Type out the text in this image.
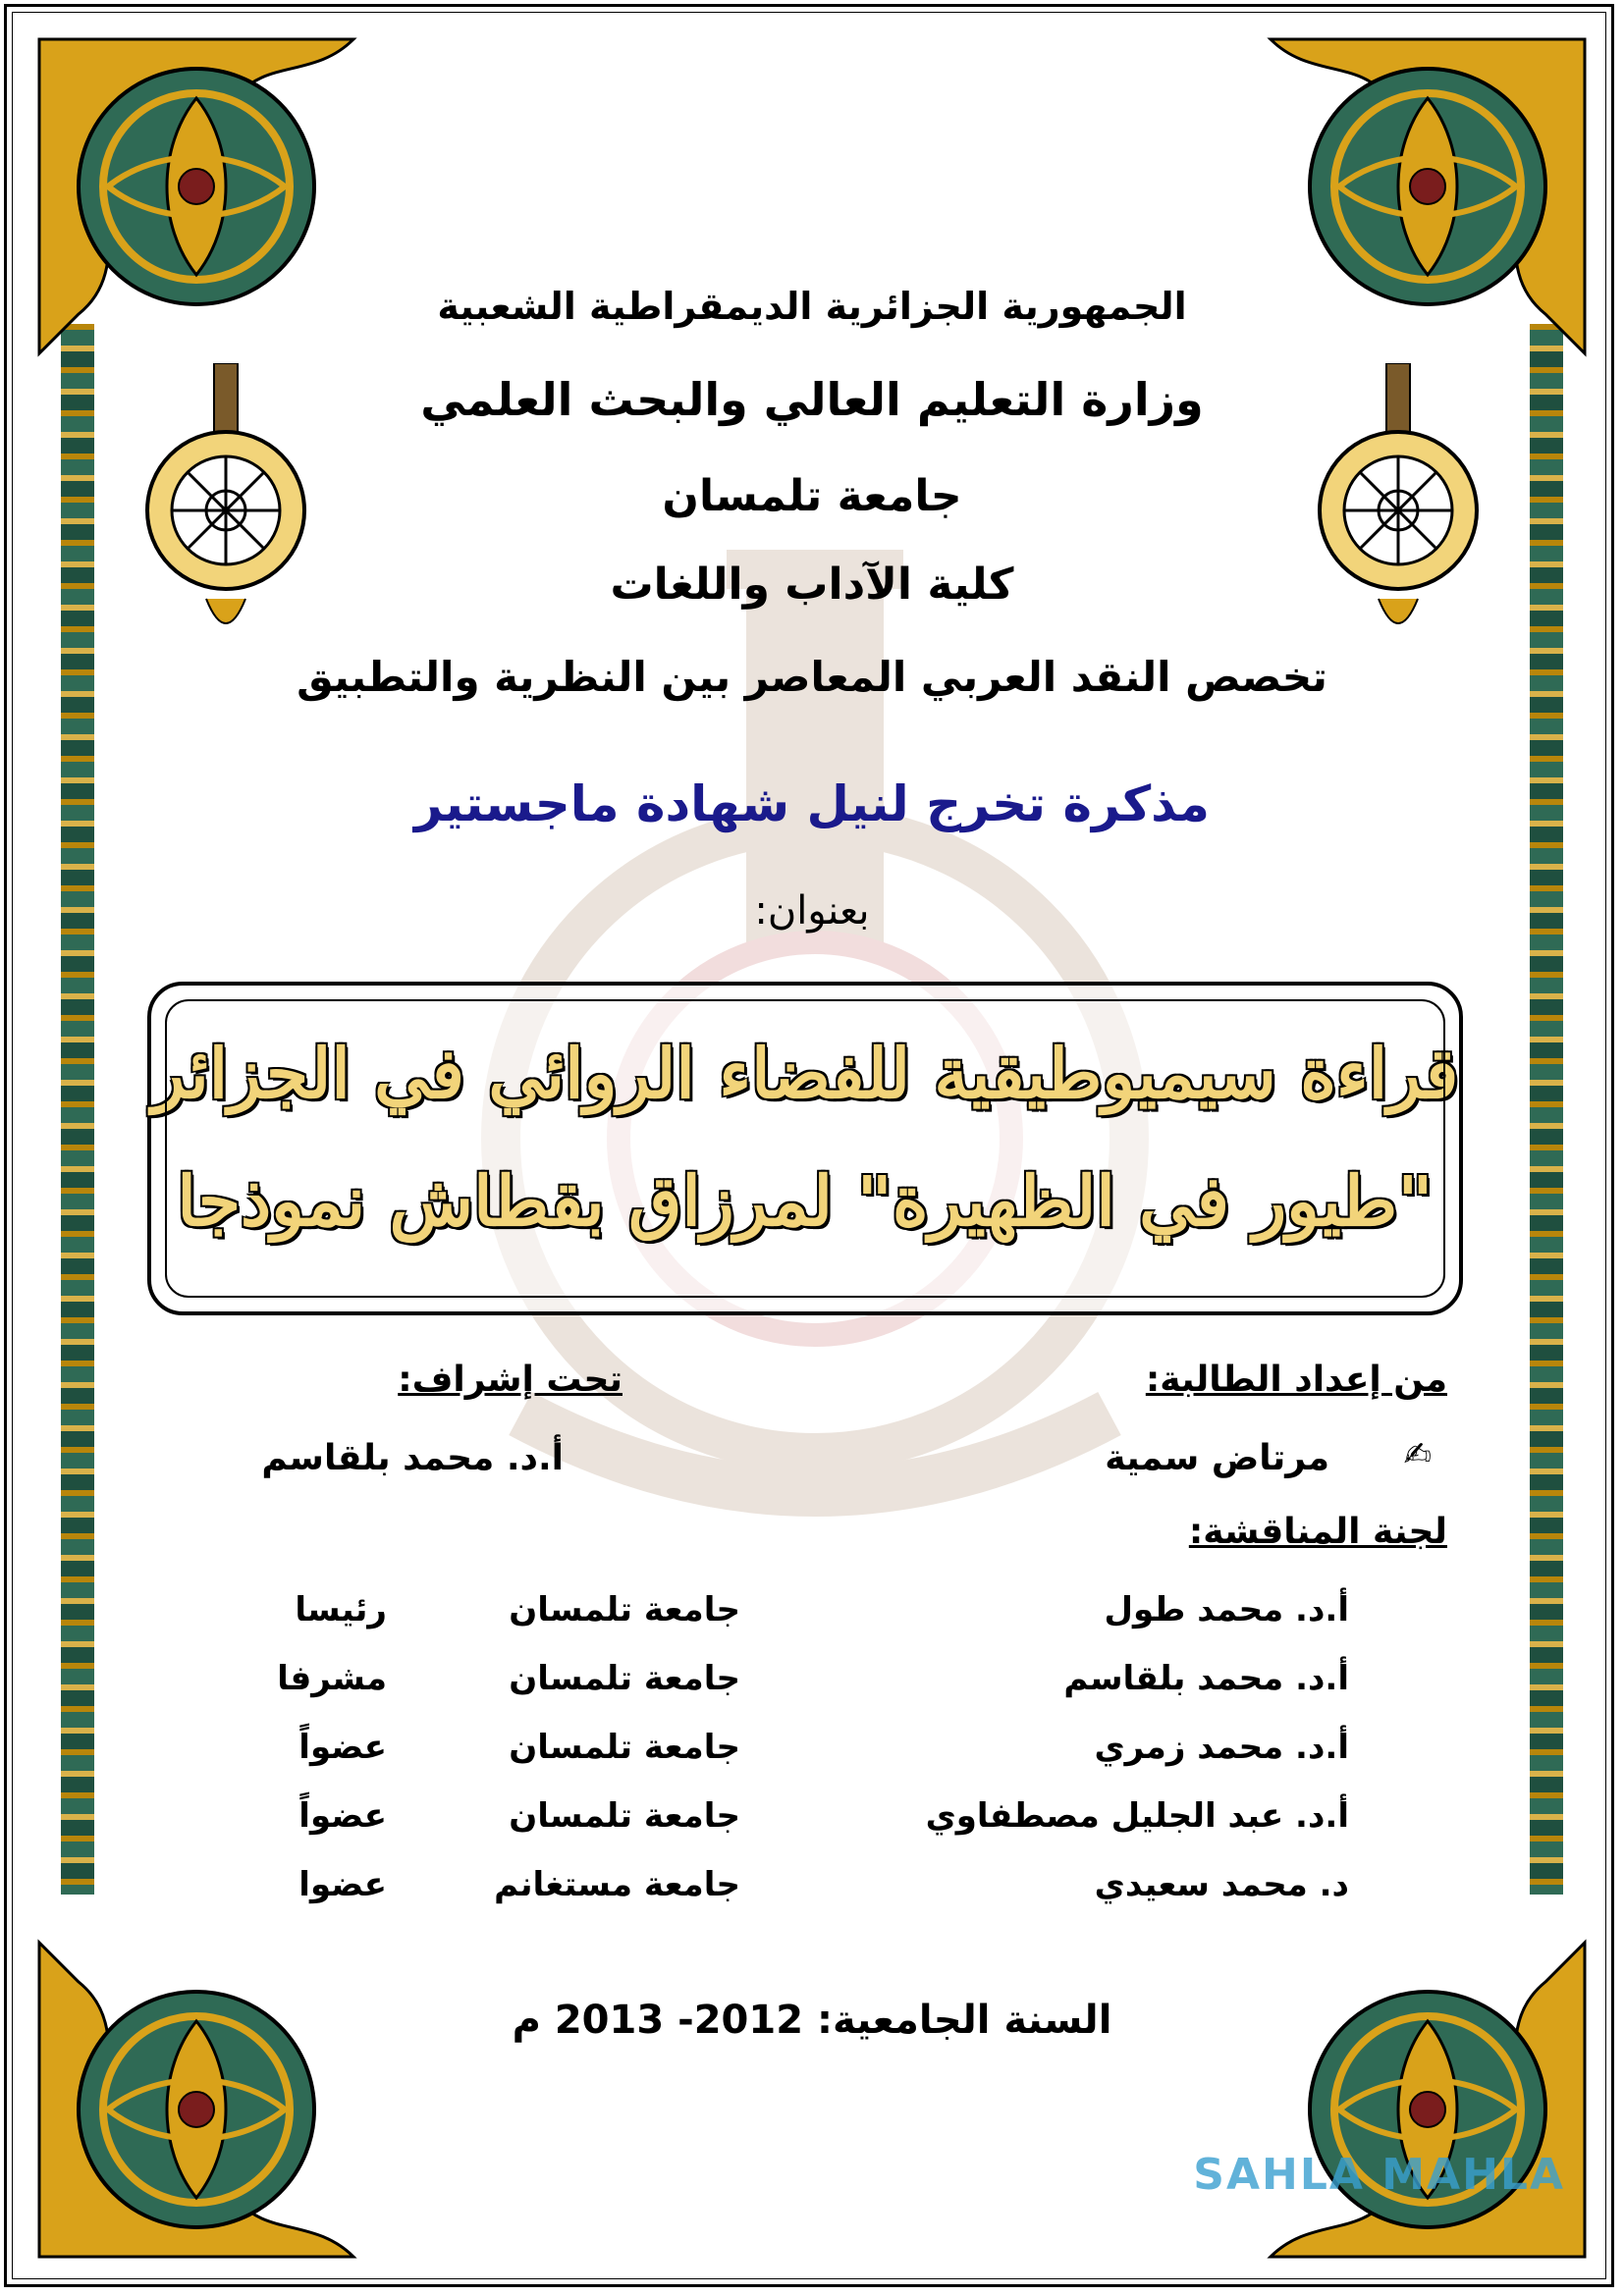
الجمهورية الجزائرية الديمقراطية الشعبية
وزارة التعليم العالي والبحث العلمي
جامعة تلمسان
كلية الآداب واللغات
تخصص النقد العربي المعاصر بين النظرية والتطبيق
مذكرة تخرج لنيل شهادة ماجستير
بعنوان:
قراءة سيميوطيقية للفضاء الروائي في الجزائر
"طيور في الظهيرة" لمرزاق بقطاش نموذجا
من إعداد الطالبة:
تحت إشراف:
✍
مرتاض سمية
أ.د. محمد بلقاسم
لجنة المناقشة:
أ.د. محمد طول
جامعة تلمسان
رئيسا
أ.د. محمد بلقاسم
جامعة تلمسان
مشرفا
أ.د. محمد زمري
جامعة تلمسان
عضواً
أ.د. عبد الجليل مصطفاوي
جامعة تلمسان
عضواً
د. محمد سعيدي
جامعة مستغانم
عضوا
السنة الجامعية: 2012- 2013 م
SAHLA MAHLA
